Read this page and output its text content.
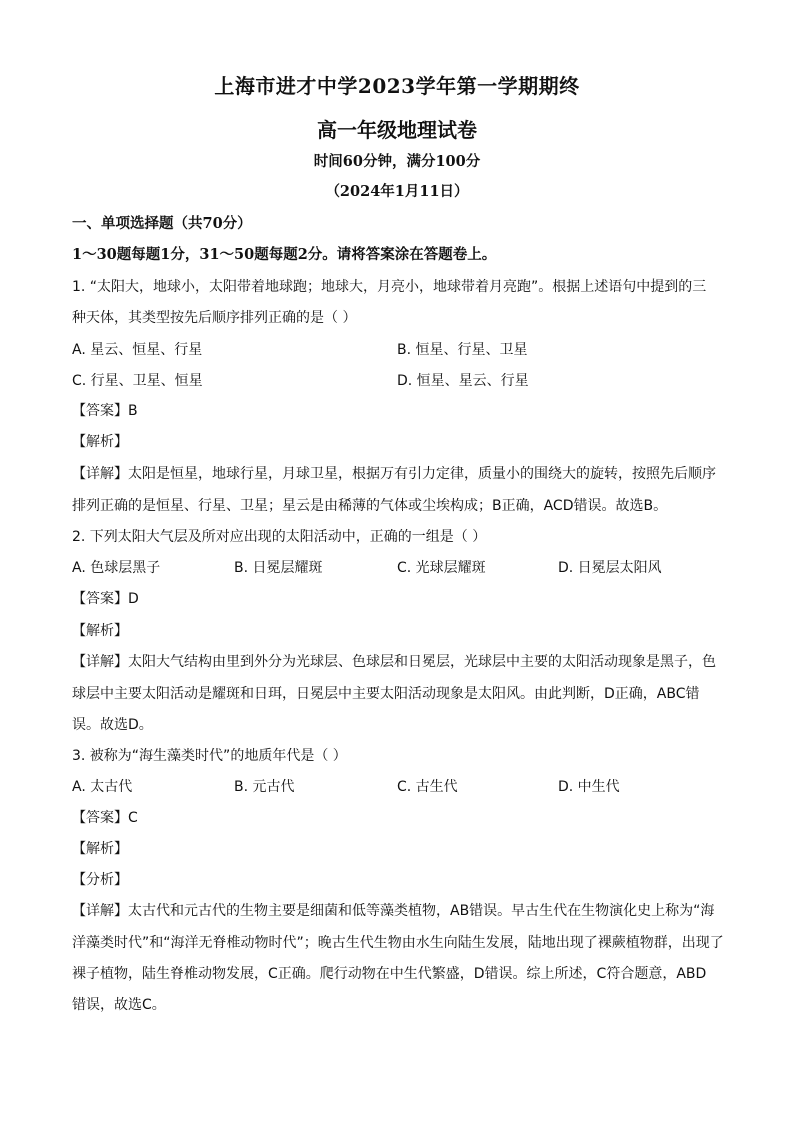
上海市进才中学2023学年第一学期期终
高一年级地理试卷
时间60分钟，满分100分
（2024年1月11日）
一、单项选择题（共70分）
1～30题每题1分，31～50题每题2分。请将答案涂在答题卷上。
1. “太阳大，地球小，太阳带着地球跑；地球大，月亮小，地球带着月亮跑”。根据上述语句中提到的三
种天体，其类型按先后顺序排列正确的是（ ）
A. 星云、恒星、行星	B. 恒星、行星、卫星
C. 行星、卫星、恒星	D. 恒星、星云、行星
【答案】B
【解析】
【详解】太阳是恒星，地球行星，月球卫星，根据万有引力定律，质量小的围绕大的旋转，按照先后顺序
排列正确的是恒星、行星、卫星；星云是由稀薄的气体或尘埃构成；B正确，ACD错误。故选B。
2. 下列太阳大气层及所对应出现的太阳活动中，正确的一组是（ ）
A. 色球层黑子	B. 日冕层耀斑	C. 光球层耀斑	D. 日冕层太阳风
【答案】D
【解析】
【详解】太阳大气结构由里到外分为光球层、色球层和日冕层，光球层中主要的太阳活动现象是黑子，色
球层中主要太阳活动是耀斑和日珥，日冕层中主要太阳活动现象是太阳风。由此判断，D正确，ABC错
误。故选D。
3. 被称为“海生藻类时代”的地质年代是（ ）
A. 太古代	B. 元古代	C. 古生代	D. 中生代
【答案】C
【解析】
【分析】
【详解】太古代和元古代的生物主要是细菌和低等藻类植物，AB错误。早古生代在生物演化史上称为“海
洋藻类时代”和“海洋无脊椎动物时代”；晚古生代生物由水生向陆生发展，陆地出现了裸蕨植物群，出现了
裸子植物，陆生脊椎动物发展，C正确。爬行动物在中生代繁盛，D错误。综上所述，C符合题意，ABD
错误，故选C。
